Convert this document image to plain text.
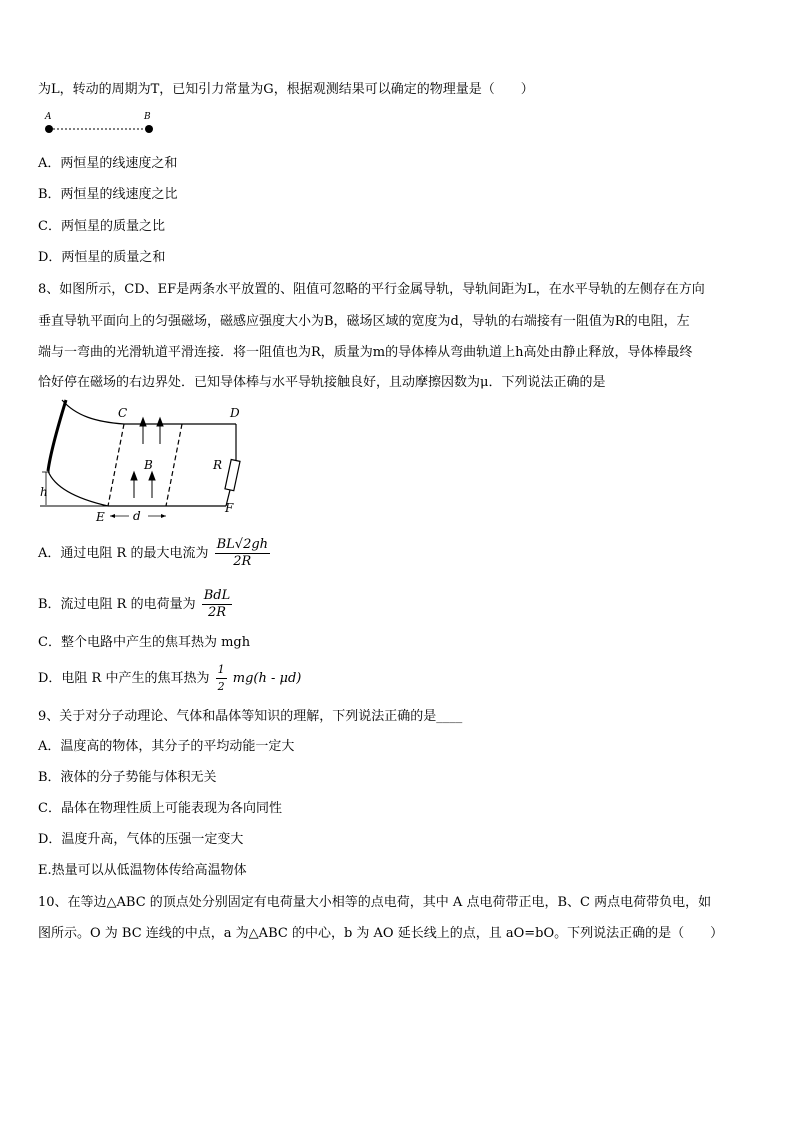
为L，转动的周期为T，已知引力常量为G，根据观测结果可以确定的物理量是（　　）
A	B
A．两恒星的线速度之和
B．两恒星的线速度之比
C．两恒星的质量之比
D．两恒星的质量之和
8、如图所示，CD、EF是两条水平放置的、阻值可忽略的平行金属导轨，导轨间距为L，在水平导轨的左侧存在方向
垂直导轨平面向上的匀强磁场，磁感应强度大小为B，磁场区域的宽度为d，导轨的右端接有一阻值为R的电阻，左
端与一弯曲的光滑轨道平滑连接．将一阻值也为R，质量为m的导体棒从弯曲轨道上h高处由静止释放，导体棒最终
恰好停在磁场的右边界处．已知导体棒与水平导轨接触良好，且动摩擦因数为μ．下列说法正确的是
C	D
B	R
h
E d
F
A．通过电阻 R 的最大电流为 $\frac{BL√2gh}{2R}$
B．流过电阻 R 的电荷量为 $\frac{\text{BdL}}{2R}$
C．整个电路中产生的焦耳热为 mgh
D．电阻 R 中产生的焦耳热为 $\frac{1}{2} mg(h - \mu d)$
9、关于对分子动理论、气体和晶体等知识的理解，下列说法正确的是____
A．温度高的物体，其分子的平均动能一定大
B．液体的分子势能与体积无关
C．晶体在物理性质上可能表现为各向同性
D．温度升高，气体的压强一定变大
E.热量可以从低温物体传给高温物体
10、在等边△ABC 的顶点处分别固定有电荷量大小相等的点电荷，其中 A 点电荷带正电，B、C 两点电荷带负电，如
图所示。O 为 BC 连线的中点，a 为△ABC 的中心，b 为 AO 延长线上的点，且 aO=bO。下列说法正确的是（　　）
